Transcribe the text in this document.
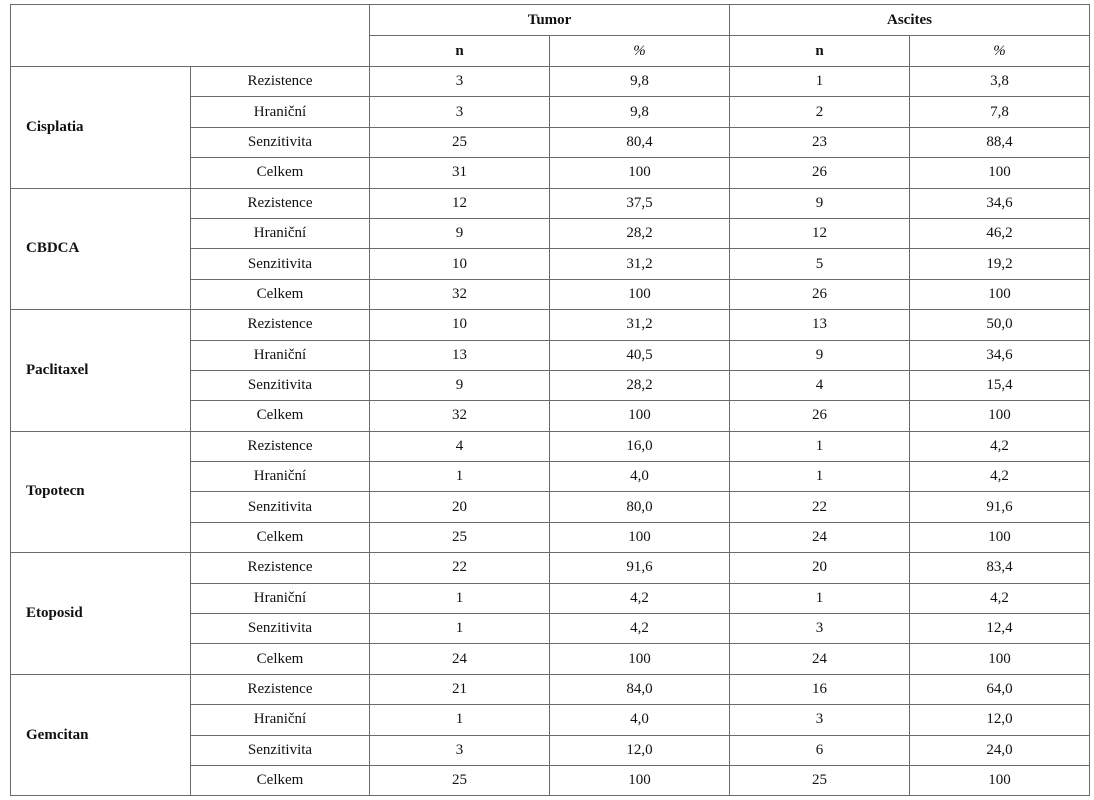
		Tumor		Ascites	
		n	%	n	%
Cisplatia	Rezistence	3	9,8	1	3,8
	Hraniční	3	9,8	2	7,8
	Senzitivita	25	80,4	23	88,4
	Celkem	31	100	26	100
CBDCA	Rezistence	12	37,5	9	34,6
	Hraniční	9	28,2	12	46,2
	Senzitivita	10	31,2	5	19,2
	Celkem	32	100	26	100
Paclitaxel	Rezistence	10	31,2	13	50,0
	Hraniční	13	40,5	9	34,6
	Senzitivita	9	28,2	4	15,4
	Celkem	32	100	26	100
Topotecn	Rezistence	4	16,0	1	4,2
	Hraniční	1	4,0	1	4,2
	Senzitivita	20	80,0	22	91,6
	Celkem	25	100	24	100
Etoposid	Rezistence	22	91,6	20	83,4
	Hraniční	1	4,2	1	4,2
	Senzitivita	1	4,2	3	12,4
	Celkem	24	100	24	100
Gemcitan	Rezistence	21	84,0	16	64,0
	Hraniční	1	4,0	3	12,0
	Senzitivita	3	12,0	6	24,0
	Celkem	25	100	25	100
